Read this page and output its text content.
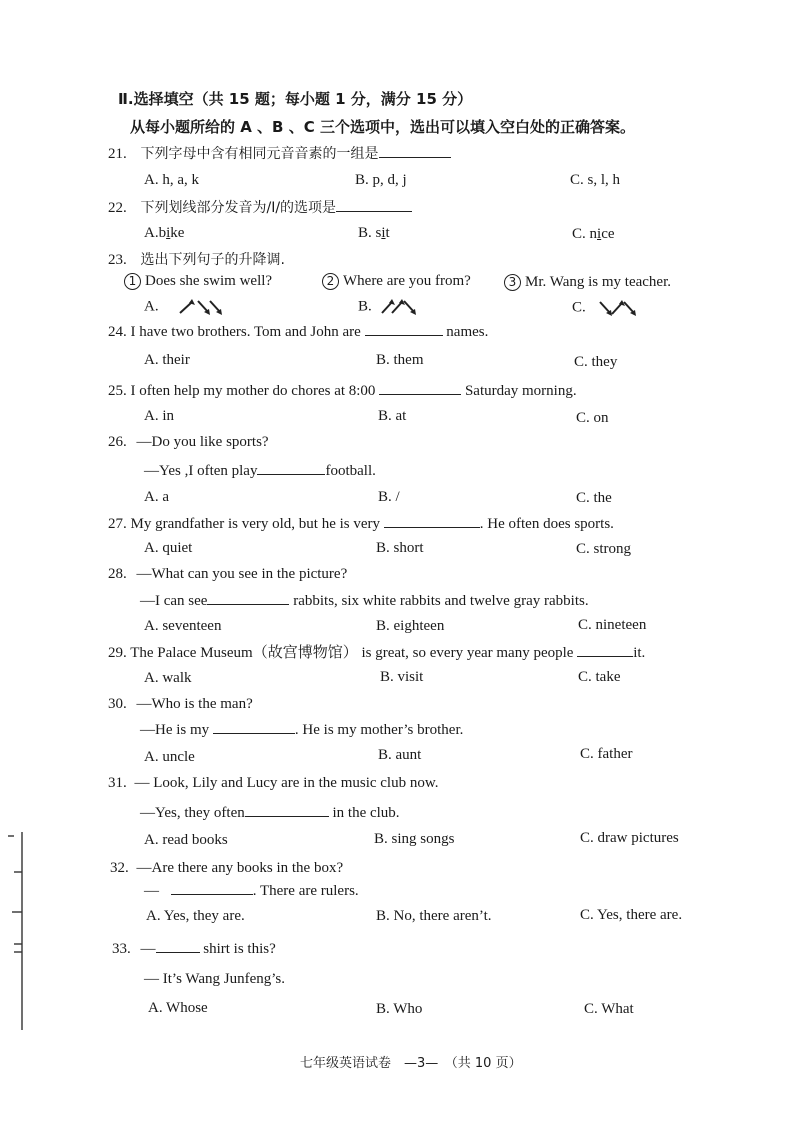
Ⅱ.选择填空（共 15 题；每小题 1 分，满分 15 分）
从每小题所给的 A 、B 、C 三个选项中，选出可以填入空白处的正确答案。
21. 下列字母中含有相同元音音素的一组是
A. h, a, k	B. p, d, j	C. s, l, h
22. 下列划线部分发音为/I/的选项是
A.bike	B. sit	C. nice
23. 选出下列句子的升降调.
1 Does she swim well?	2 Where are you from?	3 Mr. Wang is my teacher.
A.	B.	C.
24. I have two brothers. Tom and John are	names.
A. their	B. them	C. they
25. I often help my mother do chores at 8:00	Saturday morning.
A. in	B. at	C. on
26. —Do you like sports?
—Yes ,I often play	football.
A. a	B. /	C. the
27. My grandfather is very old, but he is very	. He often does sports.
A. quiet	B. short	C. strong
28. —What can you see in the picture?
—I can see	rabbits, six white rabbits and twelve gray rabbits.
A. seventeen	B. eighteen	C. nineteen
29. The Palace Museum（故宫博物馆） is great, so every year many people	it.
A. walk	B. visit	C. take
30. —Who is the man?
—He is my	. He is my mother’s brother.
A. uncle	B. aunt	C. father
31. — Look, Lily and Lucy are in the music club now.
—Yes, they often	in the club.
A. read books	B. sing songs	C. draw pictures
32. —Are there any books in the box?
—	. There are rulers.
A. Yes, they are.	B. No, there aren’t.	C. Yes, there are.
33. —	shirt is this?
— It’s Wang Junfeng’s.
A. Whose	B. Who	C. What
七年级英语试卷　—3—　（共 10 页）
